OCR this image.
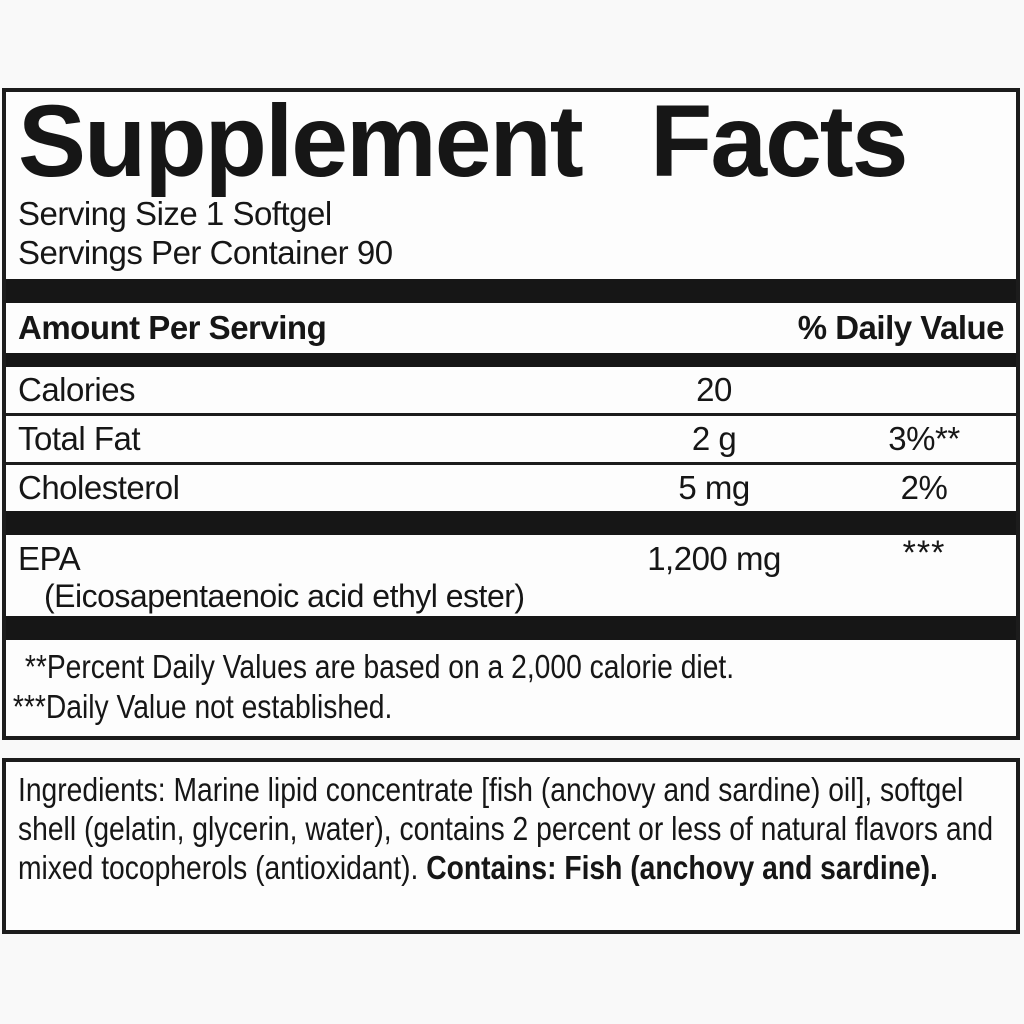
Supplement Facts
Serving Size 1 Softgel
Servings Per Container 90
Amount Per Serving	% Daily Value
Calories	20
Total Fat	2 g	3%**
Cholesterol	5 mg	2%
EPA	1,200 mg	***
(Eicosapentaenoic acid ethyl ester)
**Percent Daily Values are based on a 2,000 calorie diet.
***Daily Value not established.

Ingredients: Marine lipid concentrate [fish (anchovy and sardine) oil], softgel shell (gelatin, glycerin, water), contains 2 percent or less of natural flavors and mixed tocopherols (antioxidant). Contains: Fish (anchovy and sardine).
